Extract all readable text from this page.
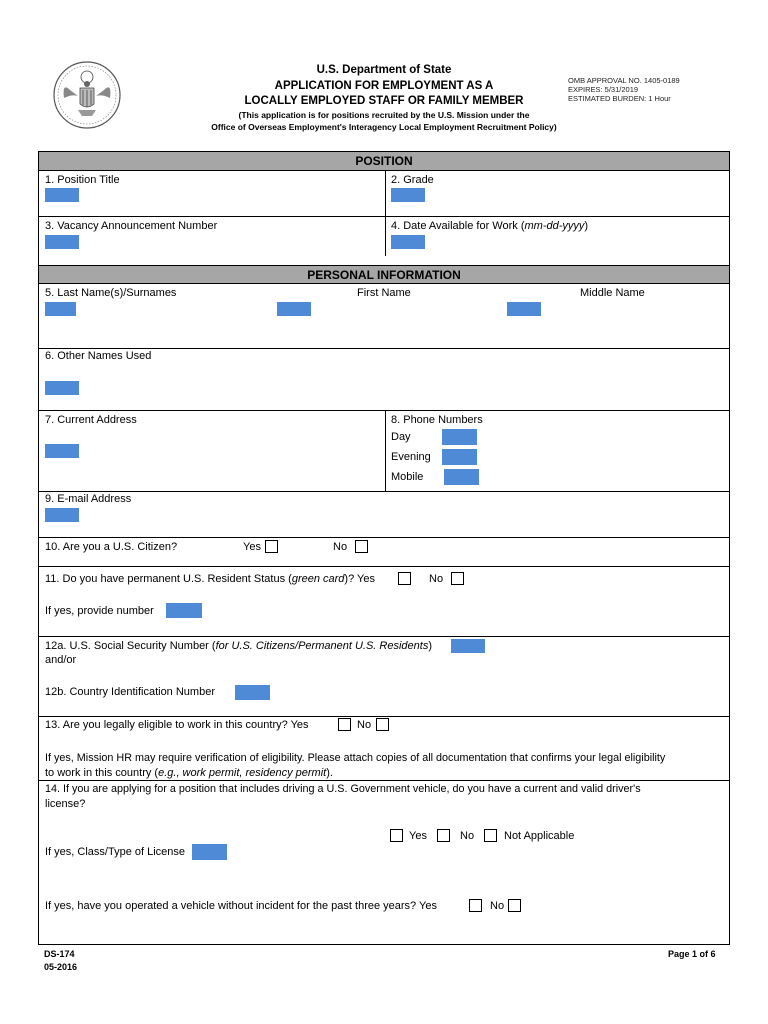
U.S. Department of State
APPLICATION FOR EMPLOYMENT AS A
LOCALLY EMPLOYED STAFF OR FAMILY MEMBER
(This application is for positions recruited by the U.S. Mission under the
Office of Overseas Employment's Interagency Local Employment Recruitment Policy)
OMB APPROVAL NO. 1405-0189
EXPIRES: 5/31/2019
ESTIMATED BURDEN: 1 Hour
POSITION
1. Position Title	2. Grade
3. Vacancy Announcement Number	4. Date Available for Work (mm-dd-yyyy)
PERSONAL INFORMATION
5. Last Name(s)/Surnames	First Name	Middle Name
6. Other Names Used
7. Current Address	8. Phone Numbers
Day
Evening
Mobile
9. E-mail Address
10. Are you a U.S. Citizen?	Yes	No
11. Do you have permanent U.S. Resident Status (green card)? Yes	No
If yes, provide number
12a. U.S. Social Security Number (for U.S. Citizens/Permanent U.S. Residents)
and/or
12b. Country Identification Number
13. Are you legally eligible to work in this country? Yes	No
If yes, Mission HR may require verification of eligibility. Please attach copies of all documentation that confirms your legal eligibility
to work in this country (e.g., work permit, residency permit).
14. If you are applying for a position that includes driving a U.S. Government vehicle, do you have a current and valid driver's
license?
Yes	No	Not Applicable
If yes, Class/Type of License
If yes, have you operated a vehicle without incident for the past three years? Yes	No
DS-174
05-2016
Page 1 of 6
